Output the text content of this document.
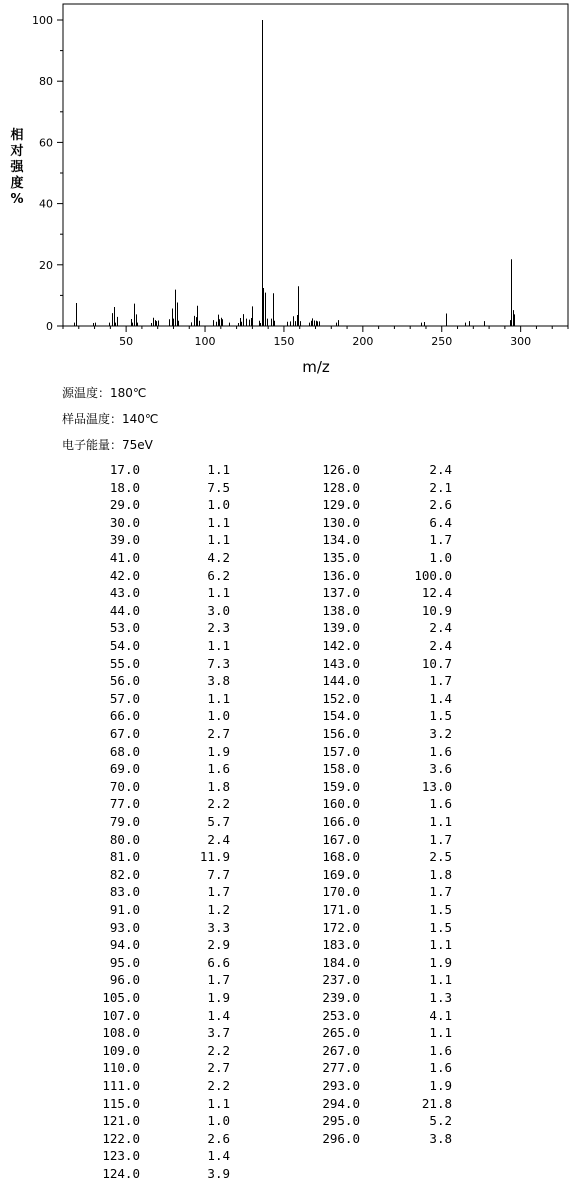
0
20
40
60
80
100
50	100	150	200	250	300
m/z
相
对
强
度
%
源温度：180℃
样品温度：140℃
电子能量：75eV
17.0	1.1	126.0	2.4
18.0	7.5	128.0	2.1
29.0	1.0	129.0	2.6
30.0	1.1	130.0	6.4
39.0	1.1	134.0	1.7
41.0	4.2	135.0	1.0
42.0	6.2	136.0	100.0
43.0	1.1	137.0	12.4
44.0	3.0	138.0	10.9
53.0	2.3	139.0	2.4
54.0	1.1	142.0	2.4
55.0	7.3	143.0	10.7
56.0	3.8	144.0	1.7
57.0	1.1	152.0	1.4
66.0	1.0	154.0	1.5
67.0	2.7	156.0	3.2
68.0	1.9	157.0	1.6
69.0	1.6	158.0	3.6
70.0	1.8	159.0	13.0
77.0	2.2	160.0	1.6
79.0	5.7	166.0	1.1
80.0	2.4	167.0	1.7
81.0	11.9	168.0	2.5
82.0	7.7	169.0	1.8
83.0	1.7	170.0	1.7
91.0	1.2	171.0	1.5
93.0	3.3	172.0	1.5
94.0	2.9	183.0	1.1
95.0	6.6	184.0	1.9
96.0	1.7	237.0	1.1
105.0	1.9	239.0	1.3
107.0	1.4	253.0	4.1
108.0	3.7	265.0	1.1
109.0	2.2	267.0	1.6
110.0	2.7	277.0	1.6
111.0	2.2	293.0	1.9
115.0	1.1	294.0	21.8
121.0	1.0	295.0	5.2
122.0	2.6	296.0	3.8
123.0	1.4
124.0	3.9
